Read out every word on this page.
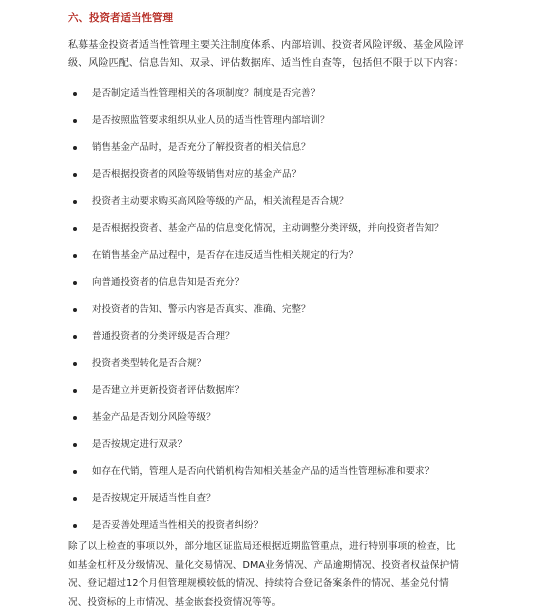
六、投资者适当性管理
私募基金投资者适当性管理主要关注制度体系、内部培训、投资者风险评级、基金风险评
级、风险匹配、信息告知、双录、评估数据库、适当性自查等，包括但不限于以下内容：
是否制定适当性管理相关的各项制度？制度是否完善？
是否按照监管要求组织从业人员的适当性管理内部培训？
销售基金产品时，是否充分了解投资者的相关信息？
是否根据投资者的风险等级销售对应的基金产品？
投资者主动要求购买高风险等级的产品，相关流程是否合规？
是否根据投资者、基金产品的信息变化情况，主动调整分类评级，并向投资者告知？
在销售基金产品过程中，是否存在违反适当性相关规定的行为？
向普通投资者的信息告知是否充分？
对投资者的告知、警示内容是否真实、准确、完整？
普通投资者的分类评级是否合理？
投资者类型转化是否合规？
是否建立并更新投资者评估数据库？
基金产品是否划分风险等级？
是否按规定进行双录？
如存在代销，管理人是否向代销机构告知相关基金产品的适当性管理标准和要求？
是否按规定开展适当性自查？
是否妥善处理适当性相关的投资者纠纷？
除了以上检查的事项以外，部分地区证监局还根据近期监管重点，进行特别事项的检查，比
如基金杠杆及分级情况、量化交易情况、DMA业务情况、产品逾期情况、投资者权益保护情
况、登记超过12个月但管理规模较低的情况、持续符合登记备案条件的情况、基金兑付情
况、投资标的上市情况、基金嵌套投资情况等等。
